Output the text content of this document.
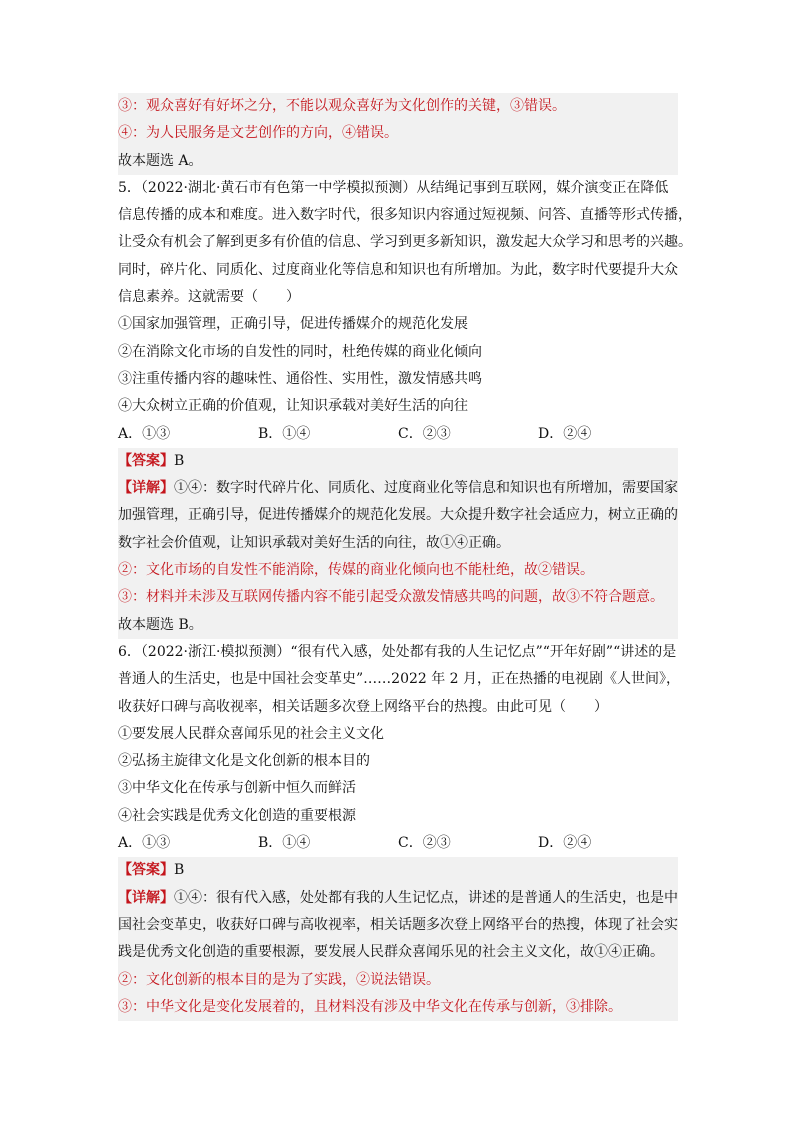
③：观众喜好有好坏之分，不能以观众喜好为文化创作的关键，③错误。
④：为人民服务是文艺创作的方向，④错误。
故本题选 A。
5．（2022·湖北·黄石市有色第一中学模拟预测）从结绳记事到互联网，媒介演变正在降低
信息传播的成本和难度。进入数字时代，很多知识内容通过短视频、问答、直播等形式传播，
让受众有机会了解到更多有价值的信息、学习到更多新知识，激发起大众学习和思考的兴趣。
同时，碎片化、同质化、过度商业化等信息和知识也有所增加。为此，数字时代要提升大众
信息素养。这就需要（　　）
①国家加强管理，正确引导，促进传播媒介的规范化发展
②在消除文化市场的自发性的同时，杜绝传媒的商业化倾向
③注重传播内容的趣味性、通俗性、实用性，激发情感共鸣
④大众树立正确的价值观，让知识承载对美好生活的向往
A．①③	B．①④	C．②③	D．②④
【答案】B
【详解】①④：数字时代碎片化、同质化、过度商业化等信息和知识也有所增加，需要国家
加强管理，正确引导，促进传播媒介的规范化发展。大众提升数字社会适应力，树立正确的
数字社会价值观，让知识承载对美好生活的向往，故①④正确。
②：文化市场的自发性不能消除，传媒的商业化倾向也不能杜绝，故②错误。
③：材料并未涉及互联网传播内容不能引起受众激发情感共鸣的问题，故③不符合题意。
故本题选 B。
6．（2022·浙江·模拟预测）“很有代入感，处处都有我的人生记忆点”“开年好剧”“讲述的是
普通人的生活史，也是中国社会变革史”……2022 年 2 月，正在热播的电视剧《人世间》，
收获好口碑与高收视率，相关话题多次登上网络平台的热搜。由此可见（　　）
①要发展人民群众喜闻乐见的社会主义文化
②弘扬主旋律文化是文化创新的根本目的
③中华文化在传承与创新中恒久而鲜活
④社会实践是优秀文化创造的重要根源
A．①③	B．①④	C．②③	D．②④
【答案】B
【详解】①④：很有代入感，处处都有我的人生记忆点，讲述的是普通人的生活史，也是中
国社会变革史，收获好口碑与高收视率，相关话题多次登上网络平台的热搜，体现了社会实
践是优秀文化创造的重要根源，要发展人民群众喜闻乐见的社会主义文化，故①④正确。
②：文化创新的根本目的是为了实践，②说法错误。
③：中华文化是变化发展着的，且材料没有涉及中华文化在传承与创新，③排除。
